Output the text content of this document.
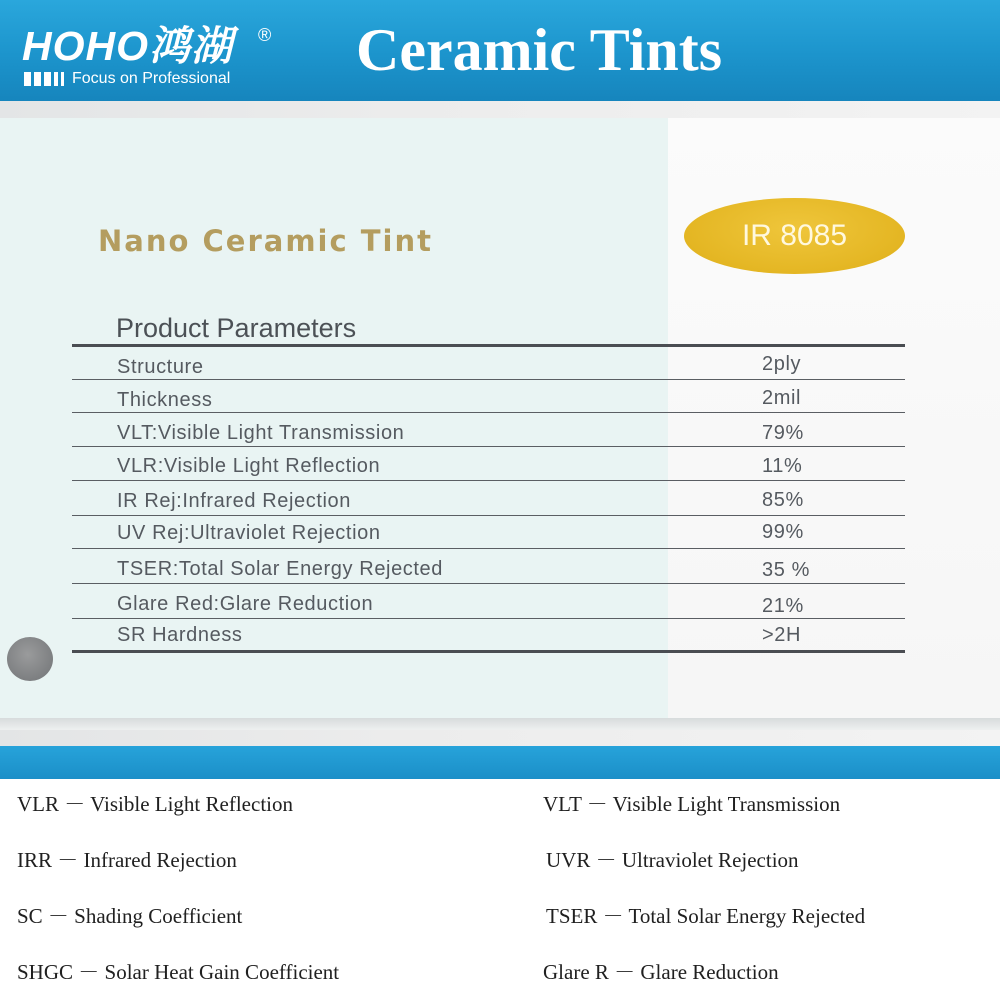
HOHO鸿湖 ®
Focus on Professional Ceramic Tints
Nano Ceramic Tint	IR 8085
Product Parameters
Structure	2ply
Thickness	2mil
VLT:Visible Light Transmission	79%
VLR:Visible Light Reflection	11%
IR Rej:Infrared Rejection	85%
UV Rej:Ultraviolet Rejection	99%
TSER:Total Solar Energy Rejected	35 %
Glare Red:Glare Reduction	21%
SR Hardness	>2H
VLR － Visible Light Reflection	VLT － Visible Light Transmission
IRR － Infrared Rejection	UVR － Ultraviolet Rejection
SC － Shading Coefficient	TSER － Total Solar Energy Rejected
SHGC － Solar Heat Gain Coefficient	Glare R － Glare Reduction
